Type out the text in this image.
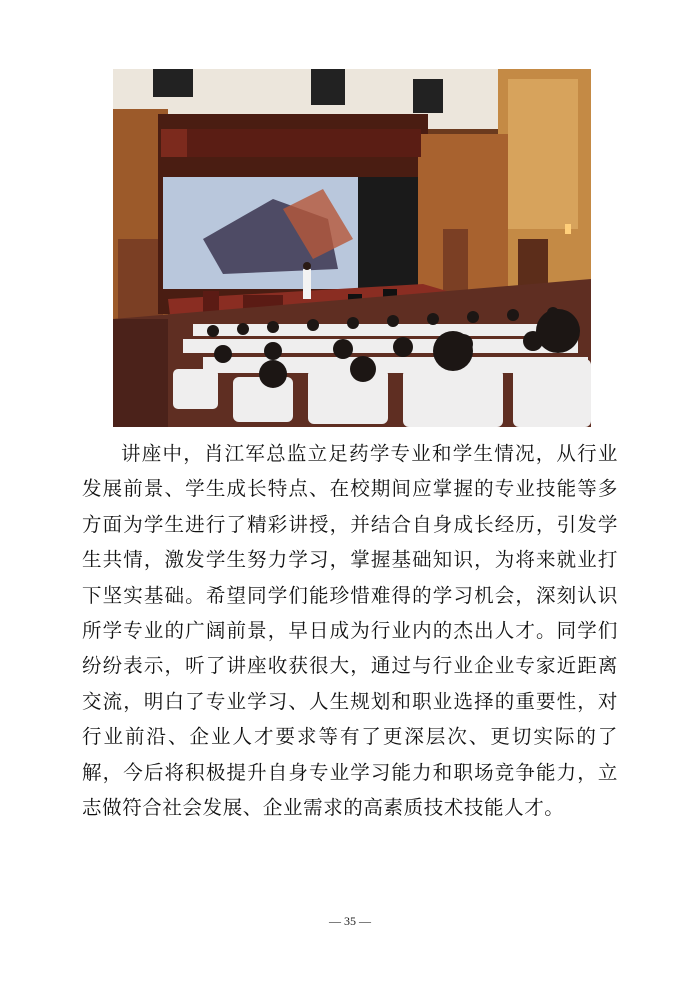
讲座中，肖江军总监立足药学专业和学生情况，从行业发展前景、学生成长特点、在校期间应掌握的专业技能等多方面为学生进行了精彩讲授，并结合自身成长经历，引发学生共情，激发学生努力学习，掌握基础知识，为将来就业打下坚实基础。希望同学们能珍惜难得的学习机会，深刻认识所学专业的广阔前景，早日成为行业内的杰出人才。同学们纷纷表示，听了讲座收获很大，通过与行业企业专家近距离交流，明白了专业学习、人生规划和职业选择的重要性，对行业前沿、企业人才要求等有了更深层次、更切实际的了解，今后将积极提升自身专业学习能力和职场竞争能力，立志做符合社会发展、企业需求的高素质技术技能人才。

— 35 —
